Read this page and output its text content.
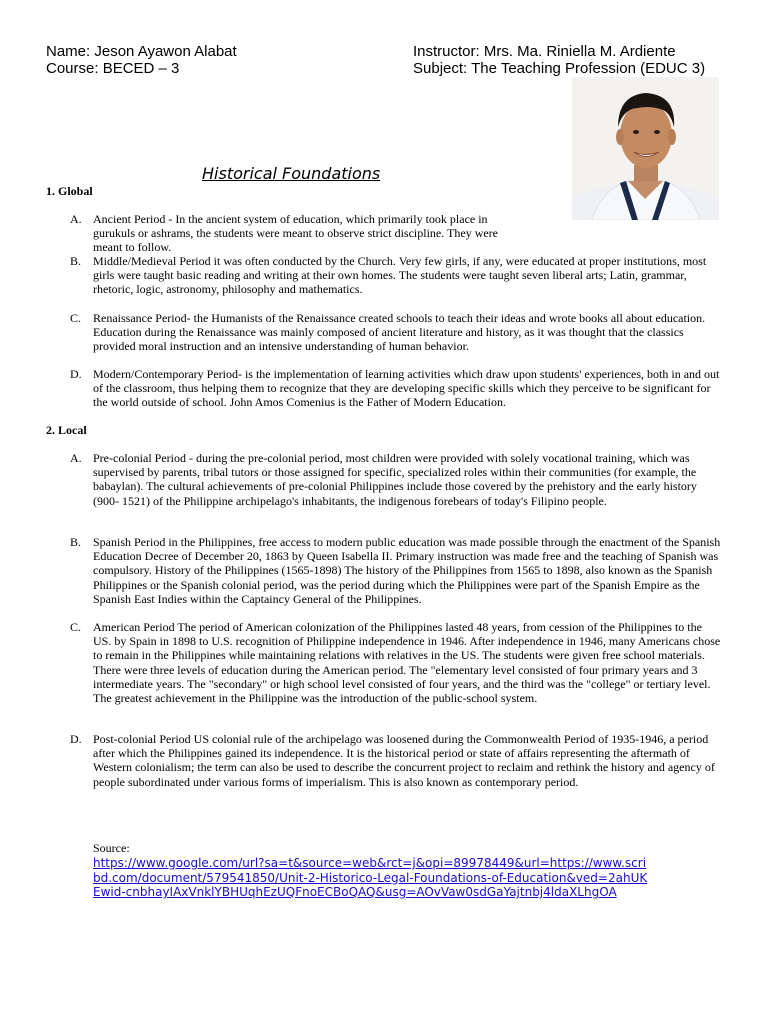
Name: Jeson Ayawon Alabat
Course: BECED – 3
Instructor: Mrs. Ma. Riniella M. Ardiente
Subject: The Teaching Profession (EDUC 3)
Historical Foundations
1. Global
A. Ancient Period - In the ancient system of education, which primarily took place in gurukuls or ashrams, the students were meant to observe strict discipline. They were meant to follow.
B. Middle/Medieval Period it was often conducted by the Church. Very few girls, if any, were educated at proper institutions, most girls were taught basic reading and writing at their own homes. The students were taught seven liberal arts; Latin, grammar, rhetoric, logic, astronomy, philosophy and mathematics.
C. Renaissance Period- the Humanists of the Renaissance created schools to teach their ideas and wrote books all about education. Education during the Renaissance was mainly composed of ancient literature and history, as it was thought that the classics provided moral instruction and an intensive understanding of human behavior.
D. Modern/Contemporary Period- is the implementation of learning activities which draw upon students' experiences, both in and out of the classroom, thus helping them to recognize that they are developing specific skills which they perceive to be significant for the world outside of school. John Amos Comenius is the Father of Modern Education.
2. Local
A. Pre-colonial Period - during the pre-colonial period, most children were provided with solely vocational training, which was supervised by parents, tribal tutors or those assigned for specific, specialized roles within their communities (for example, the babaylan). The cultural achievements of pre-colonial Philippines include those covered by the prehistory and the early history (900- 1521) of the Philippine archipelago's inhabitants, the indigenous forebears of today's Filipino people.
B. Spanish Period in the Philippines, free access to modern public education was made possible through the enactment of the Spanish Education Decree of December 20, 1863 by Queen Isabella II. Primary instruction was made free and the teaching of Spanish was compulsory. History of the Philippines (1565-1898) The history of the Philippines from 1565 to 1898, also known as the Spanish Philippines or the Spanish colonial period, was the period during which the Philippines were part of the Spanish Empire as the Spanish East Indies within the Captaincy General of the Philippines.
C. American Period The period of American colonization of the Philippines lasted 48 years, from cession of the Philippines to the US. by Spain in 1898 to U.S. recognition of Philippine independence in 1946. After independence in 1946, many Americans chose to remain in the Philippines while maintaining relations with relatives in the US. The students were given free school materials. There were three levels of education during the American period. The "elementary level consisted of four primary years and 3 intermediate years. The "secondary" or high school level consisted of four years, and the third was the "college" or tertiary level. The greatest achievement in the Philippine was the introduction of the public-school system.
D. Post-colonial Period US colonial rule of the archipelago was loosened during the Commonwealth Period of 1935-1946, a period after which the Philippines gained its independence. It is the historical period or state of affairs representing the aftermath of Western colonialism; the term can also be used to describe the concurrent project to reclaim and rethink the history and agency of people subordinated under various forms of imperialism. This is also known as contemporary period.
Source:
https://www.google.com/url?sa=t&source=web&rct=j&opi=89978449&url=https://www.scribd.com/document/579541850/Unit-2-Historico-Legal-Foundations-of-Education&ved=2ahUKEwid-cnbhayIAxVnklYBHUqhEzUQFnoECBoQAQ&usg=AOvVaw0sdGaYajtnbj4ldaXLhgOA
